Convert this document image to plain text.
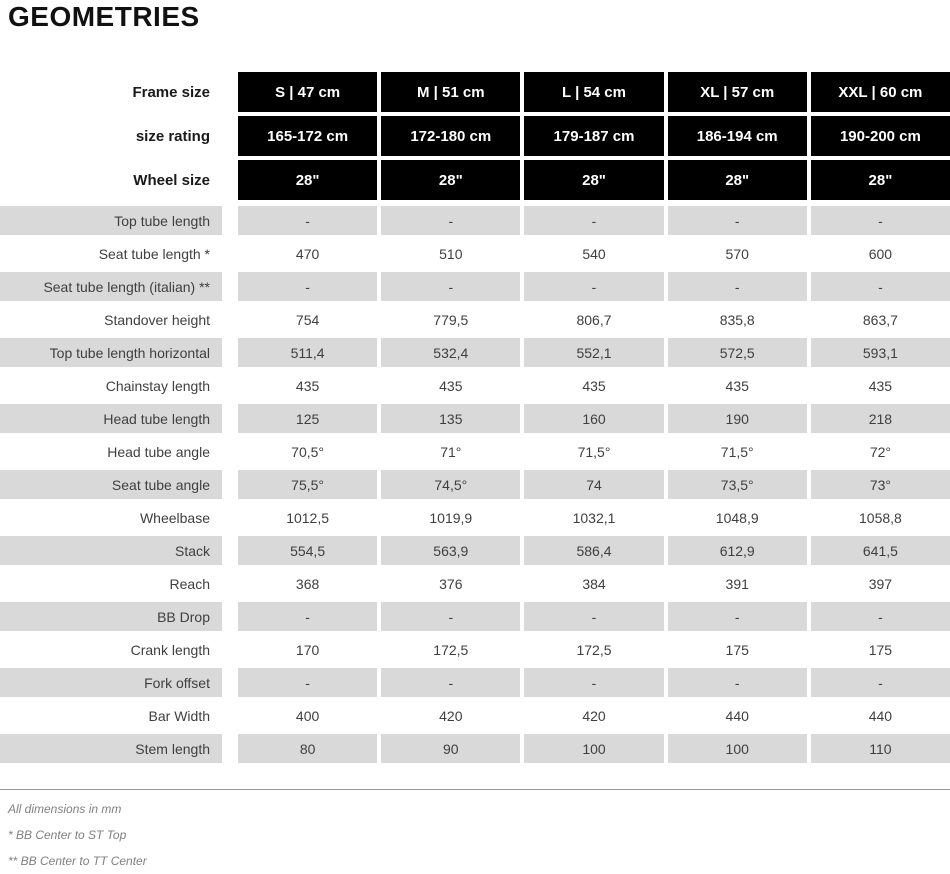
GEOMETRIES
Frame size	S | 47 cm	M | 51 cm	L | 54 cm	XL | 57 cm	XXL | 60 cm
size rating	165-172 cm	172-180 cm	179-187 cm	186-194 cm	190-200 cm
Wheel size	28"	28"	28"	28"	28"
Top tube length	-	-	-	-	-
Seat tube length *	470	510	540	570	600
Seat tube length (italian) **	-	-	-	-	-
Standover height	754	779,5	806,7	835,8	863,7
Top tube length horizontal	511,4	532,4	552,1	572,5	593,1
Chainstay length	435	435	435	435	435
Head tube length	125	135	160	190	218
Head tube angle	70,5°	71°	71,5°	71,5°	72°
Seat tube angle	75,5°	74,5°	74	73,5°	73°
Wheelbase	1012,5	1019,9	1032,1	1048,9	1058,8
Stack	554,5	563,9	586,4	612,9	641,5
Reach	368	376	384	391	397
BB Drop	-	-	-	-	-
Crank length	170	172,5	172,5	175	175
Fork offset	-	-	-	-	-
Bar Width	400	420	420	440	440
Stem length	80	90	100	100	110
All dimensions in mm
* BB Center to ST Top
** BB Center to TT Center
